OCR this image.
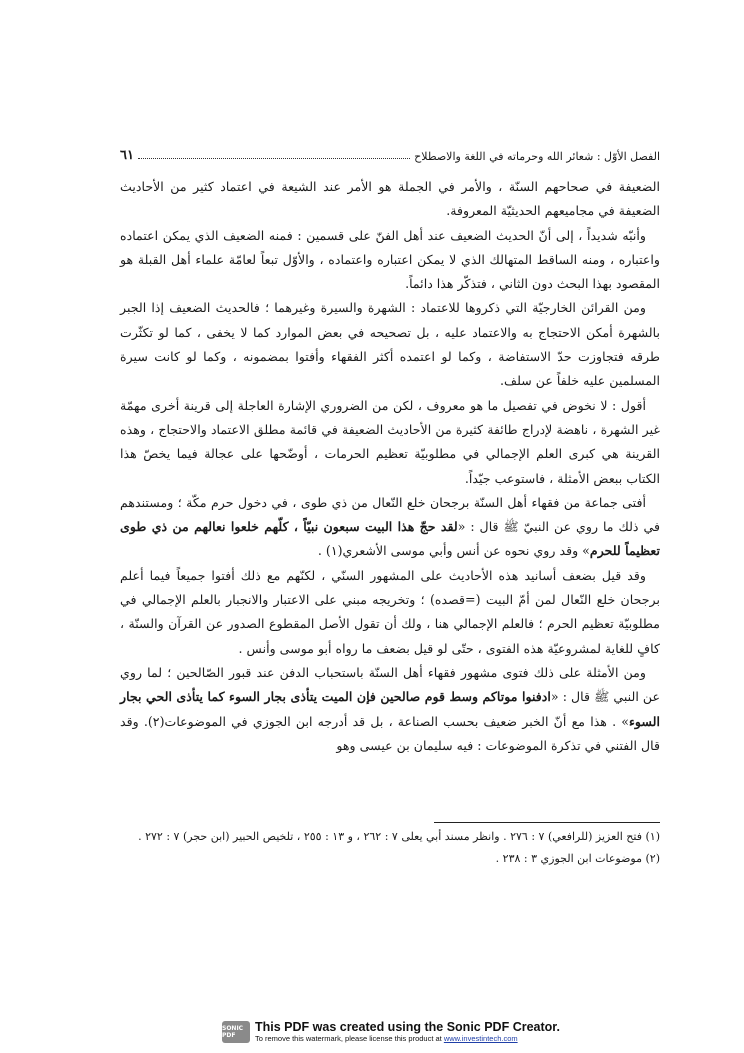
الفصل الأوّل : شعائر الله وحرماته في اللغة والاصطلاح
٦١

الضعيفة في صحاحهم السنّة ، والأمر في الجملة هو الأمر عند الشيعة في اعتماد كثير من الأحاديث الضعيفة في مجاميعهم الحديثيّة المعروفة.

وأنبّه شديداً ، إلى أنّ الحديث الضعيف عند أهل الفنّ على قسمين : فمنه الضعيف الذي يمكن اعتماده واعتباره ، ومنه الساقط المتهالك الذي لا يمكن اعتباره واعتماده ، والأوّل تبعاً لعامّة علماء أهل القبلة هو المقصود بهذا البحث دون الثاني ، فتذكّر هذا دائماً.

ومن القرائن الخارجيّة التي ذكروها للاعتماد : الشهرة والسيرة وغيرهما ؛ فالحديث الضعيف إذا الجبر بالشهرة أمكن الاحتجاج به والاعتماد عليه ، بل تصحيحه في بعض الموارد كما لا يخفى ، كما لو تكثّرت طرقه فتجاوزت حدّ الاستفاضة ، وكما لو اعتمده أكثر الفقهاء وأفتوا بمضمونه ، وكما لو كانت سيرة المسلمين عليه خلفاً عن سلف.

أقول : لا نخوض في تفصيل ما هو معروف ، لكن من الضروري الإشارة العاجلة إلى قرينة أخرى مهمّة غير الشهرة ، ناهضة لإدراج طائفة كثيرة من الأحاديث الضعيفة في قائمة مطلق الاعتماد والاحتجاج ، وهذه القرينة هي كبرى العلم الإجمالي في مطلوبيّة تعظيم الحرمات ، أوضّحها على عجالة فيما يخصّ هذا الكتاب ببعض الأمثلة ، فاستوعب جيّداً.

أفتى جماعة من فقهاء أهل السنّة برجحان خلع النّعال من ذي طوى ، في دخول حرم مكّة ؛ ومستندهم في ذلك ما روي عن النبيّ ﷺ قال : «لقد حجّ هذا البيت سبعون نبيّاً ، كلّهم خلعوا نعالهم من ذي طوى تعظيماً للحرم» وقد روي نحوه عن أنس وأبي موسى الأشعري(١) .

وقد قيل بضعف أسانيد هذه الأحاديث على المشهور السنّي ، لكنّهم مع ذلك أفتوا جميعاً فيما أعلم برجحان خلع النّعال لمن أمّ البيت (=قصده) ؛ وتخريجه مبني على الاعتبار والانجبار بالعلم الإجمالي في مطلوبيّة تعظيم الحرم ؛ فالعلم الإجمالي هنا ، ولك أن تقول الأصل المقطوع الصدور عن القرآن والسنّة ، كافٍ للغاية لمشروعيّة هذه الفتوى ، حتّى لو قيل بضعف ما رواه أبو موسى وأنس .

ومن الأمثلة على ذلك فتوى مشهور فقهاء أهل السنّة باستحباب الدفن عند قبور الصّالحين ؛ لما روي عن النبي ﷺ قال : «ادفنوا موتاكم وسط قوم صالحين فإن الميت يتأذى بجار السوء كما يتأذى الحي بجار السوء» . هذا مع أنّ الخبر ضعيف بحسب الصناعة ، بل قد أدرجه ابن الجوزي في الموضوعات(٢). وقد قال الفتني في تذكرة الموضوعات : فيه سليمان بن عيسى وهو

(١) فتح العزيز (للرافعي) ٧ : ٢٧٦ . وانظر مسند أبي يعلى ٧ : ٢٦٢ ، و ١٣ : ٢٥٥ ، تلخيص الحبير (ابن حجر) ٧ : ٢٧٢ .

(٢) موضوعات ابن الجوزي ٣ : ٢٣٨ .

SONIC PDF
This PDF was created using the Sonic PDF Creator.
To remove this watermark, please license this product at www.investintech.com
